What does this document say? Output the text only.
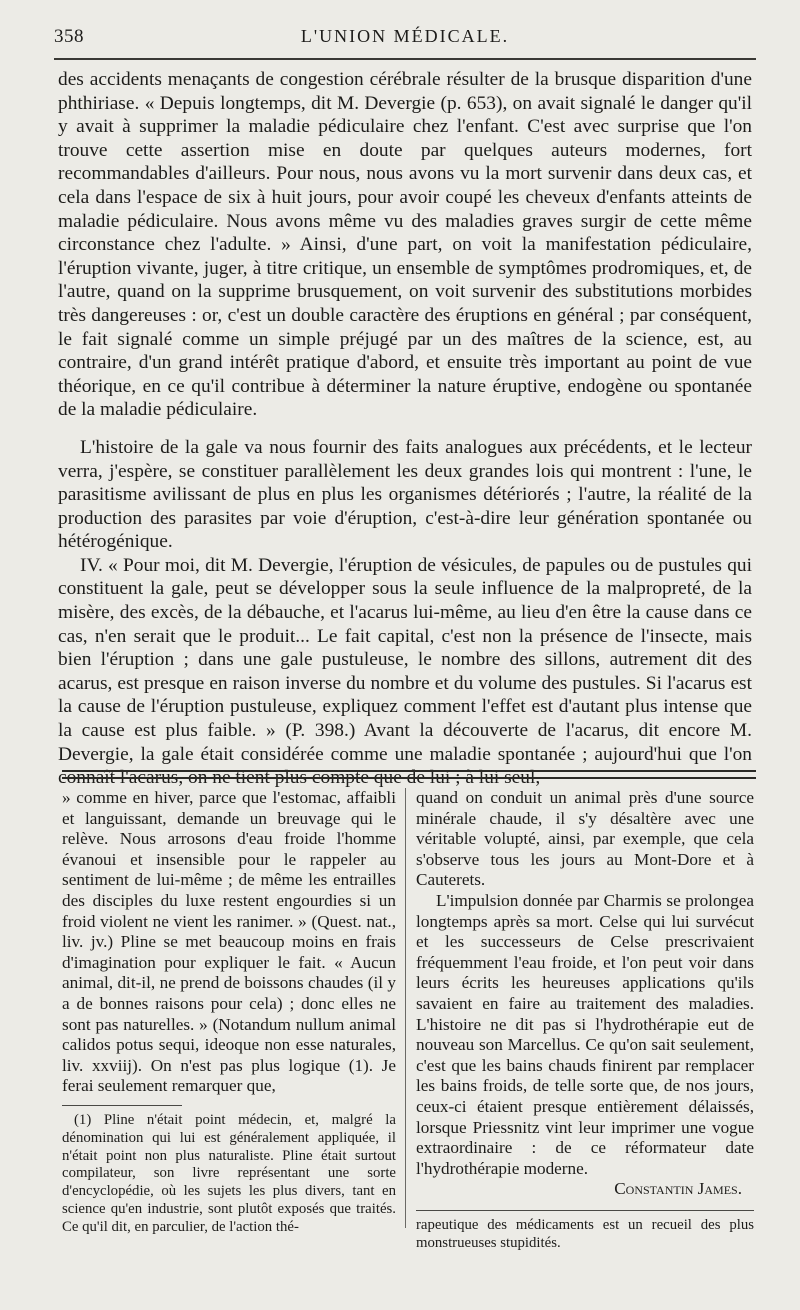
358	L'UNION MÉDICALE.

des accidents menaçants de congestion cérébrale résulter de la brusque disparition d'une phthiriase. « Depuis longtemps, dit M. Devergie (p. 653), on avait signalé le danger qu'il y avait à supprimer la maladie pédiculaire chez l'enfant. C'est avec surprise que l'on trouve cette assertion mise en doute par quelques auteurs modernes, fort recommandables d'ailleurs. Pour nous, nous avons vu la mort survenir dans deux cas, et cela dans l'espace de six à huit jours, pour avoir coupé les cheveux d'enfants atteints de maladie pédiculaire. Nous avons même vu des maladies graves surgir de cette même circonstance chez l'adulte. » Ainsi, d'une part, on voit la manifestation pédiculaire, l'éruption vivante, juger, à titre critique, un ensemble de symptômes prodromiques, et, de l'autre, quand on la supprime brusquement, on voit survenir des substitutions morbides très dangereuses : or, c'est un double caractère des éruptions en général ; par conséquent, le fait signalé comme un simple préjugé par un des maîtres de la science, est, au contraire, d'un grand intérêt pratique d'abord, et ensuite très important au point de vue théorique, en ce qu'il contribue à déterminer la nature éruptive, endogène ou spontanée de la maladie pédiculaire.

L'histoire de la gale va nous fournir des faits analogues aux précédents, et le lecteur verra, j'espère, se constituer parallèlement les deux grandes lois qui montrent : l'une, le parasitisme avilissant de plus en plus les organismes détériorés ; l'autre, la réalité de la production des parasites par voie d'éruption, c'est-à-dire leur génération spontanée ou hétérogénique.

IV. « Pour moi, dit M. Devergie, l'éruption de vésicules, de papules ou de pustules qui constituent la gale, peut se développer sous la seule influence de la malpropreté, de la misère, des excès, de la débauche, et l'acarus lui-même, au lieu d'en être la cause dans ce cas, n'en serait que le produit... Le fait capital, c'est non la présence de l'insecte, mais bien l'éruption ; dans une gale pustuleuse, le nombre des sillons, autrement dit des acarus, est presque en raison inverse du nombre et du volume des pustules. Si l'acarus est la cause de l'éruption pustuleuse, expliquez comment l'effet est d'autant plus intense que la cause est plus faible. » (P. 398.) Avant la découverte de l'acarus, dit encore M. Devergie, la gale était considérée comme une maladie spontanée ; aujourd'hui que l'on connaît l'acarus, on ne tient plus compte que de lui ; à lui seul,

» comme en hiver, parce que l'estomac, affaibli et languissant, demande un breuvage qui le relève. Nous arrosons d'eau froide l'homme évanoui et insensible pour le rappeler au sentiment de lui-même ; de même les entrailles des disciples du luxe restent engourdies si un froid violent ne vient les ranimer. » (Quest. nat., liv. jv.) Pline se met beaucoup moins en frais d'imagination pour expliquer le fait. « Aucun animal, dit-il, ne prend de boissons chaudes (il y a de bonnes raisons pour cela) ; donc elles ne sont pas naturelles. » (Notandum nullum animal calidos potus sequi, ideoque non esse naturales, liv. xxviij). On n'est pas plus logique (1). Je ferai seulement remarquer que,

(1) Pline n'était point médecin, et, malgré la dénomination qui lui est généralement appliquée, il n'était point non plus naturaliste. Pline était surtout compilateur, son livre représentant une sorte d'encyclopédie, où les sujets les plus divers, tant en science qu'en industrie, sont plutôt exposés que traités. Ce qu'il dit, en parculier, de l'action thé-

quand on conduit un animal près d'une source minérale chaude, il s'y désaltère avec une véritable volupté, ainsi, par exemple, que cela s'observe tous les jours au Mont-Dore et à Cauterets.

L'impulsion donnée par Charmis se prolongea longtemps après sa mort. Celse qui lui survécut et les successeurs de Celse prescrivaient fréquemment l'eau froide, et l'on peut voir dans leurs écrits les heureuses applications qu'ils savaient en faire au traitement des maladies. L'histoire ne dit pas si l'hydrothérapie eut de nouveau son Marcellus. Ce qu'on sait seulement, c'est que les bains chauds finirent par remplacer les bains froids, de telle sorte que, de nos jours, ceux-ci étaient presque entièrement délaissés, lorsque Priessnitz vint leur imprimer une vogue extraordinaire : de ce réformateur date l'hydrothérapie moderne.

Constantin James.

rapeutique des médicaments est un recueil des plus monstrueuses stupidités.
